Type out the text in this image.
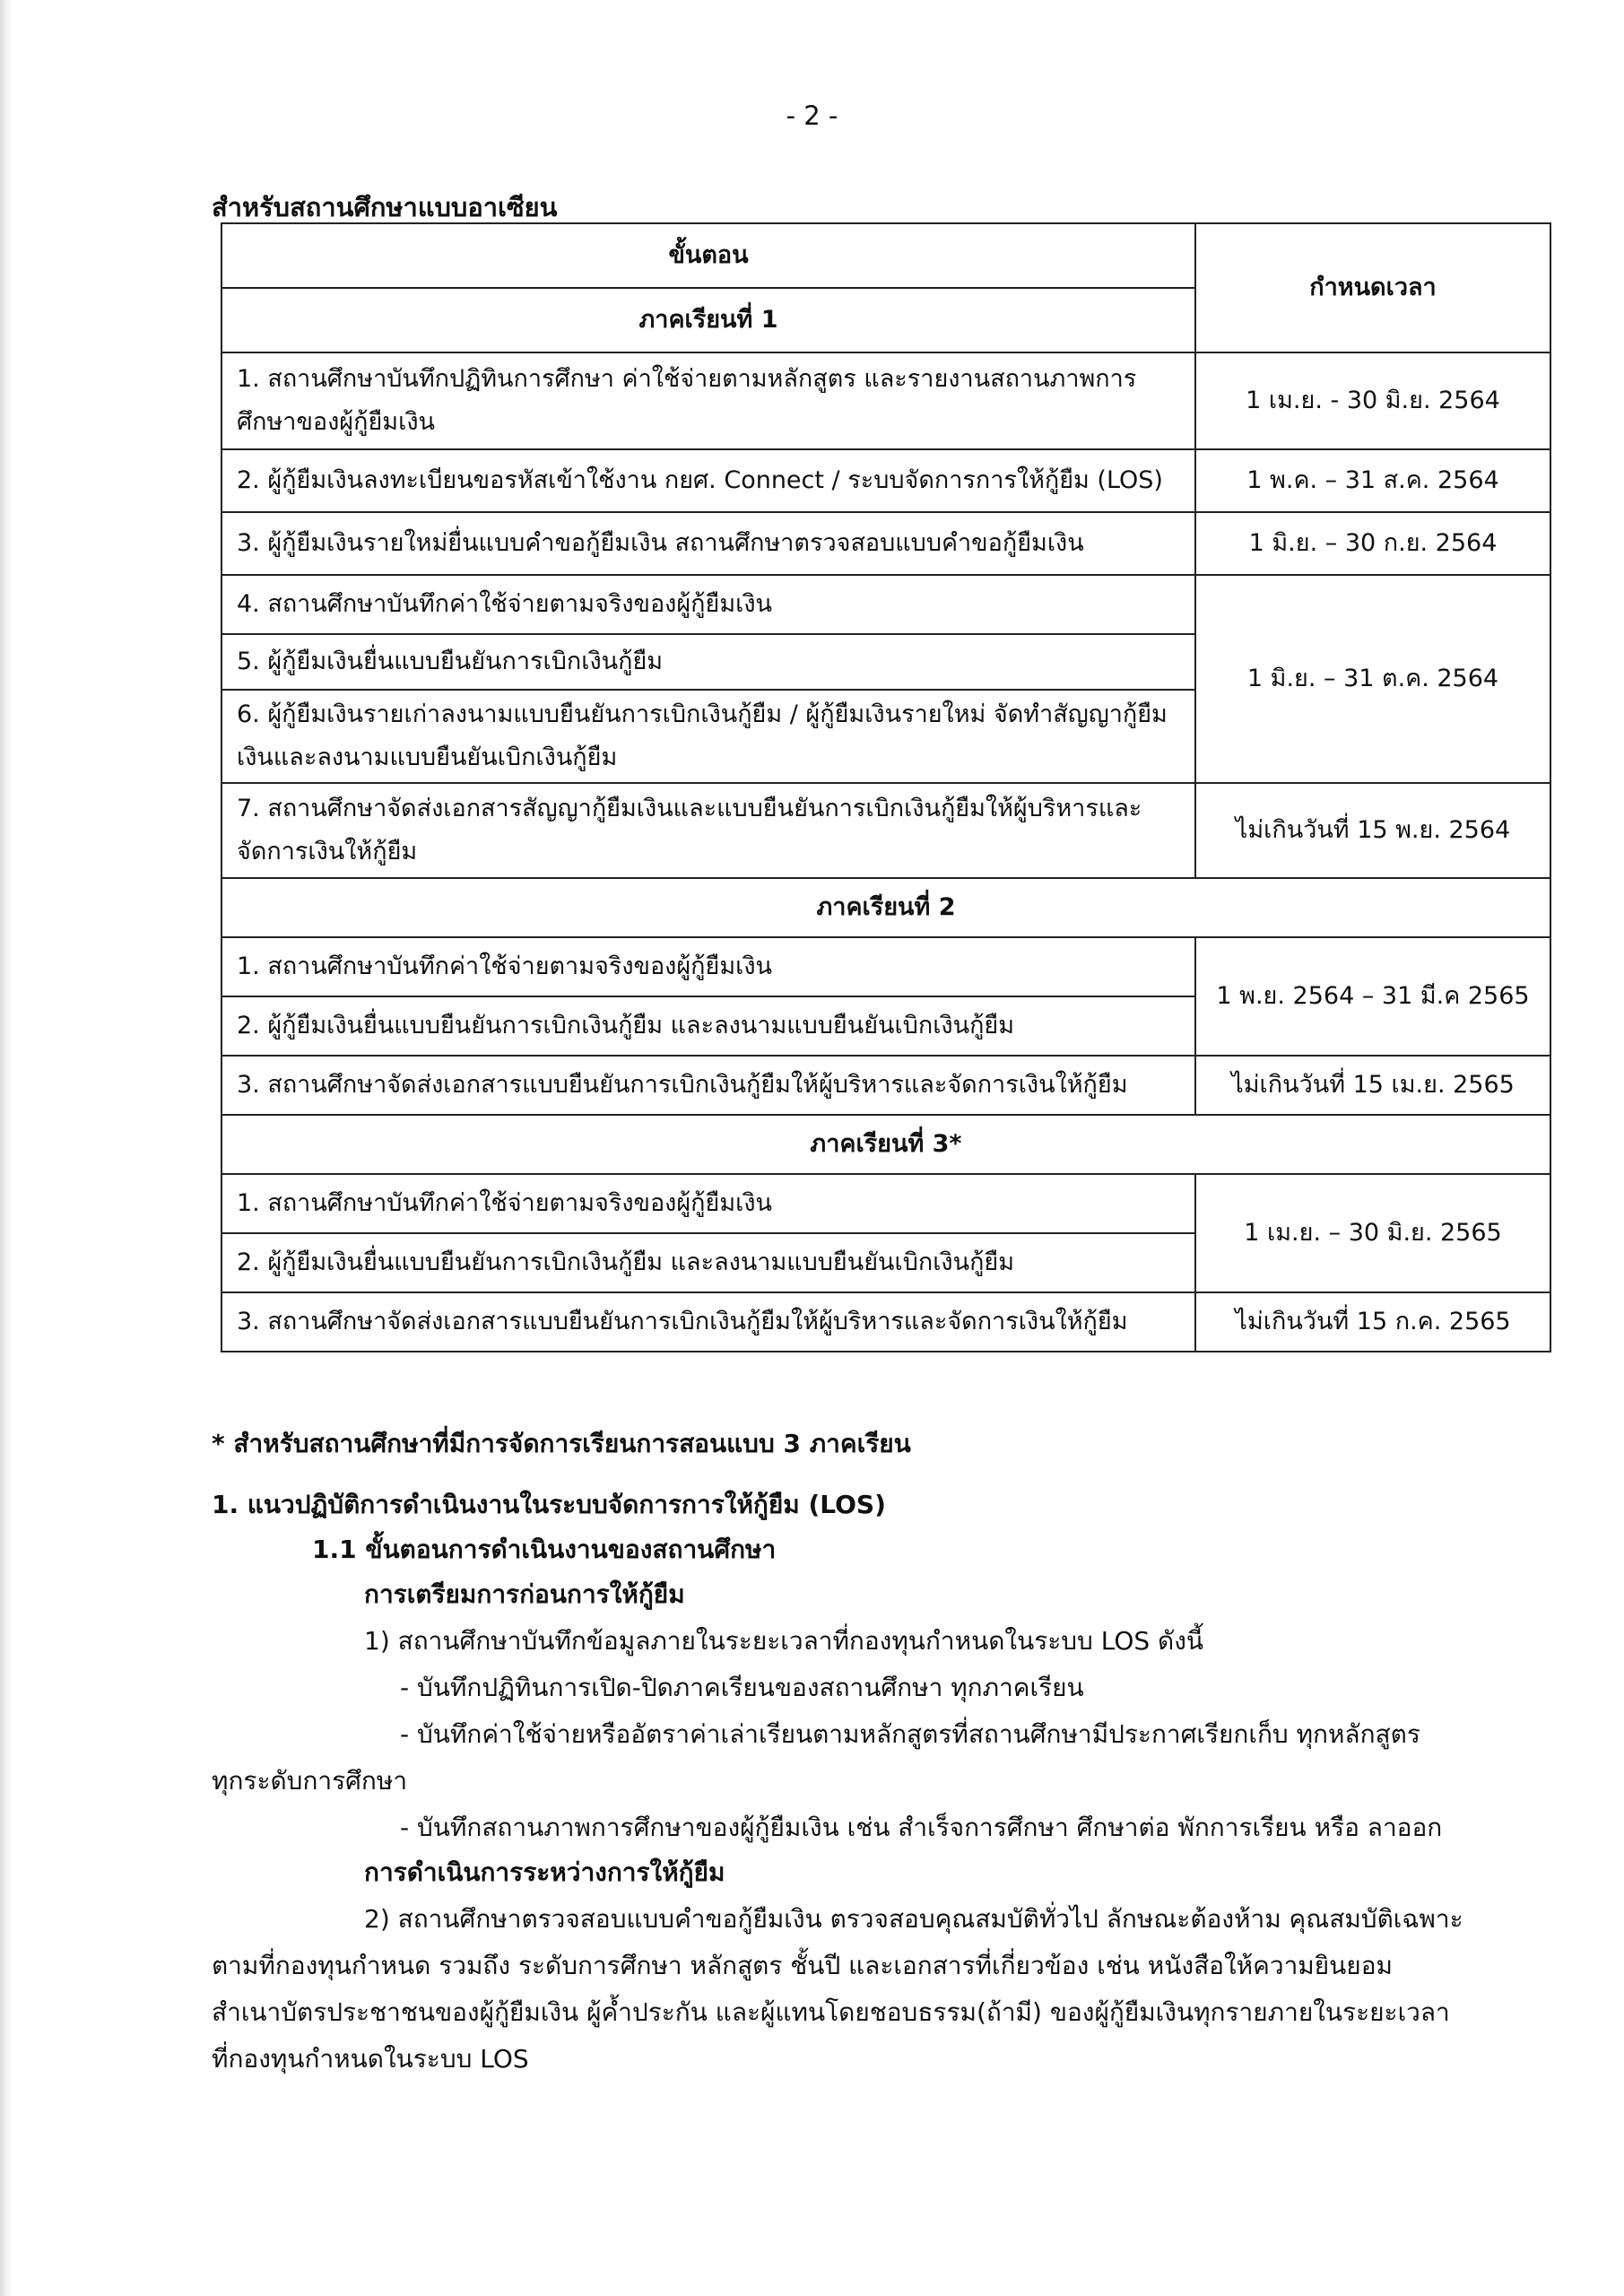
- 2 -
สำหรับสถานศึกษาแบบอาเซียน
ขั้นตอน	กำหนดเวลา
ภาคเรียนที่ 1	
1. สถานศึกษาบันทึกปฏิทินการศึกษา ค่าใช้จ่ายตามหลักสูตร และรายงานสถานภาพการศึกษาของผู้กู้ยืมเงิน	1 เม.ย. - 30 มิ.ย. 2564
2. ผู้กู้ยืมเงินลงทะเบียนขอรหัสเข้าใช้งาน กยศ. Connect / ระบบจัดการการให้กู้ยืม (LOS)	1 พ.ค. – 31 ส.ค. 2564
3. ผู้กู้ยืมเงินรายใหม่ยื่นแบบคำขอกู้ยืมเงิน สถานศึกษาตรวจสอบแบบคำขอกู้ยืมเงิน	1 มิ.ย. – 30 ก.ย. 2564
4. สถานศึกษาบันทึกค่าใช้จ่ายตามจริงของผู้กู้ยืมเงิน	1 มิ.ย. – 31 ต.ค. 2564
5. ผู้กู้ยืมเงินยื่นแบบยืนยันการเบิกเงินกู้ยืม	
6. ผู้กู้ยืมเงินรายเก่าลงนามแบบยืนยันการเบิกเงินกู้ยืม / ผู้กู้ยืมเงินรายใหม่ จัดทำสัญญากู้ยืมเงินและลงนามแบบยืนยันเบิกเงินกู้ยืม	
7. สถานศึกษาจัดส่งเอกสารสัญญากู้ยืมเงินและแบบยืนยันการเบิกเงินกู้ยืมให้ผู้บริหารและจัดการเงินให้กู้ยืม	ไม่เกินวันที่ 15 พ.ย. 2564
ภาคเรียนที่ 2	
1. สถานศึกษาบันทึกค่าใช้จ่ายตามจริงของผู้กู้ยืมเงิน	1 พ.ย. 2564 – 31 มี.ค 2565
2. ผู้กู้ยืมเงินยื่นแบบยืนยันการเบิกเงินกู้ยืม และลงนามแบบยืนยันเบิกเงินกู้ยืม	
3. สถานศึกษาจัดส่งเอกสารแบบยืนยันการเบิกเงินกู้ยืมให้ผู้บริหารและจัดการเงินให้กู้ยืม	ไม่เกินวันที่ 15 เม.ย. 2565
ภาคเรียนที่ 3*	
1. สถานศึกษาบันทึกค่าใช้จ่ายตามจริงของผู้กู้ยืมเงิน	1 เม.ย. – 30 มิ.ย. 2565
2. ผู้กู้ยืมเงินยื่นแบบยืนยันการเบิกเงินกู้ยืม และลงนามแบบยืนยันเบิกเงินกู้ยืม	
3. สถานศึกษาจัดส่งเอกสารแบบยืนยันการเบิกเงินกู้ยืมให้ผู้บริหารและจัดการเงินให้กู้ยืม	ไม่เกินวันที่ 15 ก.ค. 2565
* สำหรับสถานศึกษาที่มีการจัดการเรียนการสอนแบบ 3 ภาคเรียน
1. แนวปฏิบัติการดำเนินงานในระบบจัดการการให้กู้ยืม (LOS)
1.1 ขั้นตอนการดำเนินงานของสถานศึกษา
การเตรียมการก่อนการให้กู้ยืม
1) สถานศึกษาบันทึกข้อมูลภายในระยะเวลาที่กองทุนกำหนดในระบบ LOS ดังนี้
- บันทึกปฏิทินการเปิด-ปิดภาคเรียนของสถานศึกษา ทุกภาคเรียน
- บันทึกค่าใช้จ่ายหรืออัตราค่าเล่าเรียนตามหลักสูตรที่สถานศึกษามีประกาศเรียกเก็บ ทุกหลักสูตร
ทุกระดับการศึกษา
- บันทึกสถานภาพการศึกษาของผู้กู้ยืมเงิน เช่น สำเร็จการศึกษา ศึกษาต่อ พักการเรียน หรือ ลาออก
การดำเนินการระหว่างการให้กู้ยืม
2) สถานศึกษาตรวจสอบแบบคำขอกู้ยืมเงิน ตรวจสอบคุณสมบัติทั่วไป ลักษณะต้องห้าม คุณสมบัติเฉพาะ
ตามที่กองทุนกำหนด รวมถึง ระดับการศึกษา หลักสูตร ชั้นปี และเอกสารที่เกี่ยวข้อง เช่น หนังสือให้ความยินยอม
สำเนาบัตรประชาชนของผู้กู้ยืมเงิน ผู้ค้ำประกัน และผู้แทนโดยชอบธรรม(ถ้ามี) ของผู้กู้ยืมเงินทุกรายภายในระยะเวลา
ที่กองทุนกำหนดในระบบ LOS
